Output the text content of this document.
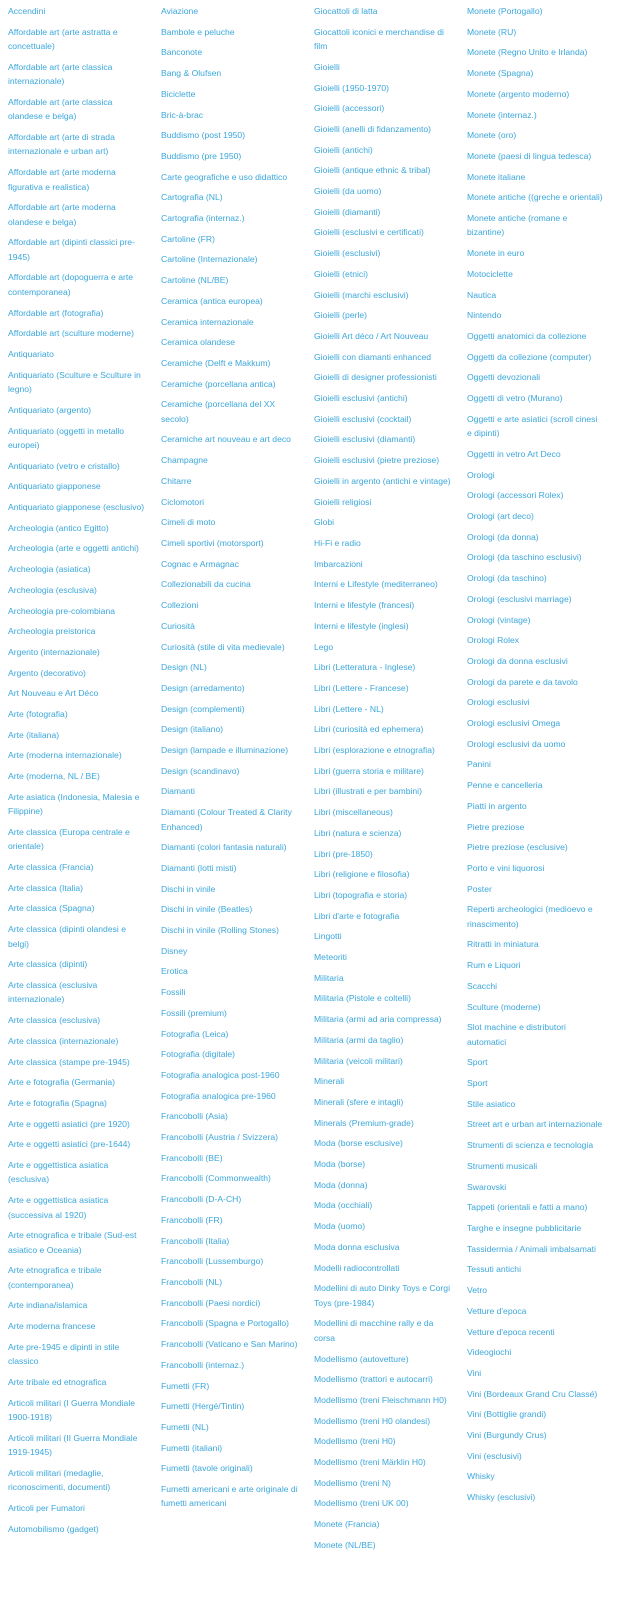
Accendini
Affordable art (arte astratta e concettuale)
Affordable art (arte classica internazionale)
Affordable art (arte classica olandese e belga)
Affordable art (arte di strada internazionale e urban art)
Affordable art (arte moderna figurativa e realistica)
Affordable art (arte moderna olandese e belga)
Affordable art (dipinti classici pre-1945)
Affordable art (dopoguerra e arte contemporanea)
Affordable art (fotografia)
Affordable art (sculture moderne)
Antiquariato
Antiquariato (Sculture e Sculture in legno)
Antiquariato (argento)
Antiquariato (oggetti in metallo europei)
Antiquariato (vetro e cristallo)
Antiquariato giapponese
Antiquariato giapponese (esclusivo)
Archeologia (antico Egitto)
Archeologia (arte e oggetti antichi)
Archeologia (asiatica)
Archeologia (esclusiva)
Archeologia pre-colombiana
Archeologia preistorica
Argento (internazionale)
Argento (decorativo)
Art Nouveau e Art Déco
Arte (fotografia)
Arte (italiana)
Arte (moderna internazionale)
Arte (moderna, NL / BE)
Arte asiatica (Indonesia, Malesia e Filippine)
Arte classica (Europa centrale e orientale)
Arte classica (Francia)
Arte classica (Italia)
Arte classica (Spagna)
Arte classica (dipinti olandesi e belgi)
Arte classica (dipinti)
Arte classica (esclusiva internazionale)
Arte classica (esclusiva)
Arte classica (internazionale)
Arte classica (stampe pre-1945)
Arte e fotografia (Germania)
Arte e fotografia (Spagna)
Arte e oggetti asiatici (pre 1920)
Arte e oggetti asiatici (pre-1644)
Arte e oggettistica asiatica (esclusiva)
Arte e oggettistica asiatica (successiva al 1920)
Arte etnografica e tribale (Sud-est asiatico e Oceania)
Arte etnografica e tribale (contemporanea)
Arte indiana/islamica
Arte moderna francese
Arte pre-1945 e dipinti in stile classico
Arte tribale ed etnografica
Articoli militari (I Guerra Mondiale 1900-1918)
Articoli militari (II Guerra Mondiale 1919-1945)
Articoli militari (medaglie, riconoscimenti, documenti)
Articoli per Fumatori
Automobilismo (gadget)
Aviazione
Bambole e peluche
Banconote
Bang & Olufsen
Biciclette
Bric-à-brac
Buddismo (post 1950)
Buddismo (pre 1950)
Carte geografiche e uso didattico
Cartografia (NL)
Cartografia (internaz.)
Cartoline (FR)
Cartoline (Internazionale)
Cartoline (NL/BE)
Ceramica (antica europea)
Ceramica internazionale
Ceramica olandese
Ceramiche (Delft e Makkum)
Ceramiche (porcellana antica)
Ceramiche (porcellana del XX secolo)
Ceramiche art nouveau e art deco
Champagne
Chitarre
Ciclomotori
Cimeli di moto
Cimeli sportivi (motorsport)
Cognac e Armagnac
Collezionabili da cucina
Collezioni
Curiosità
Curiosità (stile di vita medievale)
Design (NL)
Design (arredamento)
Design (complementi)
Design (italiano)
Design (lampade e illuminazione)
Design (scandinavo)
Diamanti
Diamanti (Colour Treated & Clarity Enhanced)
Diamanti (colori fantasia naturali)
Diamanti (lotti misti)
Dischi in vinile
Dischi in vinile (Beatles)
Dischi in vinile (Rolling Stones)
Disney
Erotica
Fossili
Fossili (premium)
Fotografia (Leica)
Fotografia (digitale)
Fotografia analogica post-1960
Fotografia analogica pre-1960
Francobolli (Asia)
Francobolli (Austria / Svizzera)
Francobolli (BE)
Francobolli (Commonwealth)
Francobolli (D-A-CH)
Francobolli (FR)
Francobolli (Italia)
Francobolli (Lussemburgo)
Francobolli (NL)
Francobolli (Paesi nordici)
Francobolli (Spagna e Portogallo)
Francobolli (Vaticano e San Marino)
Francobolli (internaz.)
Fumetti (FR)
Fumetti (Hergé/Tintin)
Fumetti (NL)
Fumetti (italiani)
Fumetti (tavole originali)
Fumetti americani e arte originale di fumetti americani
Giocattoli di latta
Giocattoli iconici e merchandise di film
Gioielli
Gioielli (1950-1970)
Gioielli (accessori)
Gioielli (anelli di fidanzamento)
Gioielli (antichi)
Gioielli (antique ethnic & tribal)
Gioielli (da uomo)
Gioielli (diamanti)
Gioielli (esclusivi e certificati)
Gioielli (esclusivi)
Gioielli (etnici)
Gioielli (marchi esclusivi)
Gioielli (perle)
Gioielli Art déco / Art Nouveau
Gioielli con diamanti enhanced
Gioielli di designer professionisti
Gioielli esclusivi (antichi)
Gioielli esclusivi (cocktail)
Gioielli esclusivi (diamanti)
Gioielli esclusivi (pietre preziose)
Gioielli in argento (antichi e vintage)
Gioielli religiosi
Globi
Hi-Fi e radio
Imbarcazioni
Interni e Lifestyle (mediterraneo)
Interni e lifestyle (francesi)
Interni e lifestyle (inglesi)
Lego
Libri (Letteratura - Inglese)
Libri (Lettere - Francese)
Libri (Lettere - NL)
Libri (curiosità ed ephemera)
Libri (esplorazione e etnografia)
Libri (guerra storia e militare)
Libri (illustrati e per bambini)
Libri (miscellaneous)
Libri (natura e scienza)
Libri (pre-1850)
Libri (religione e filosofia)
Libri (topografia e storia)
Libri d'arte e fotografia
Lingotti
Meteoriti
Militaria
Militaria (Pistole e coltelli)
Militaria (armi ad aria compressa)
Militaria (armi da taglio)
Militaria (veicoli militari)
Minerali
Minerali (sfere e intagli)
Minerals (Premium-grade)
Moda (borse esclusive)
Moda (borse)
Moda (donna)
Moda (occhiali)
Moda (uomo)
Moda donna esclusiva
Modelli radiocontrollati
Modellini di auto Dinky Toys e Corgi Toys (pre-1984)
Modellini di macchine rally e da corsa
Modellismo (autovetture)
Modellismo (trattori e autocarri)
Modellismo (treni Fleischmann H0)
Modellismo (treni H0 olandesi)
Modellismo (treni H0)
Modellismo (treni Märklin H0)
Modellismo (treni N)
Modellismo (treni UK 00)
Monete (Francia)
Monete (NL/BE)
Monete (Portogallo)
Monete (RU)
Monete (Regno Unito e Irlanda)
Monete (Spagna)
Monete (argento moderno)
Monete (internaz.)
Monete (oro)
Monete (paesi di lingua tedesca)
Monete italiane
Monete antiche ((greche e orientali)
Monete antiche (romane e bizantine)
Monete in euro
Motociclette
Nautica
Nintendo
Oggetti anatomici da collezione
Oggetti da collezione (computer)
Oggetti devozionali
Oggetti di vetro (Murano)
Oggetti e arte asiatici (scroll cinesi e dipinti)
Oggetti in vetro Art Deco
Orologi
Orologi (accessori Rolex)
Orologi (art deco)
Orologi (da donna)
Orologi (da taschino esclusivi)
Orologi (da taschino)
Orologi (esclusivi marriage)
Orologi (vintage)
Orologi Rolex
Orologi da donna esclusivi
Orologi da parete e da tavolo
Orologi esclusivi
Orologi esclusivi Omega
Orologi esclusivi da uomo
Panini
Penne e cancelleria
Piatti in argento
Pietre preziose
Pietre preziose (esclusive)
Porto e vini liquorosi
Poster
Reperti archeologici (medioevo e rinascimento)
Ritratti in miniatura
Rum e Liquori
Scacchi
Sculture (moderne)
Slot machine e distributori automatici
Sport
Sport
Stile asiatico
Street art e urban art internazionale
Strumenti di scienza e tecnologia
Strumenti musicali
Swarovski
Tappeti (orientali e fatti a mano)
Targhe e insegne pubblicitarie
Tassidermia / Animali imbalsamati
Tessuti antichi
Vetro
Vetture d'epoca
Vetture d'epoca recenti
Videogiochi
Vini
Vini (Bordeaux Grand Cru Classé)
Vini (Bottiglie grandi)
Vini (Burgundy Crus)
Vini (esclusivi)
Whisky
Whisky (esclusivi)
